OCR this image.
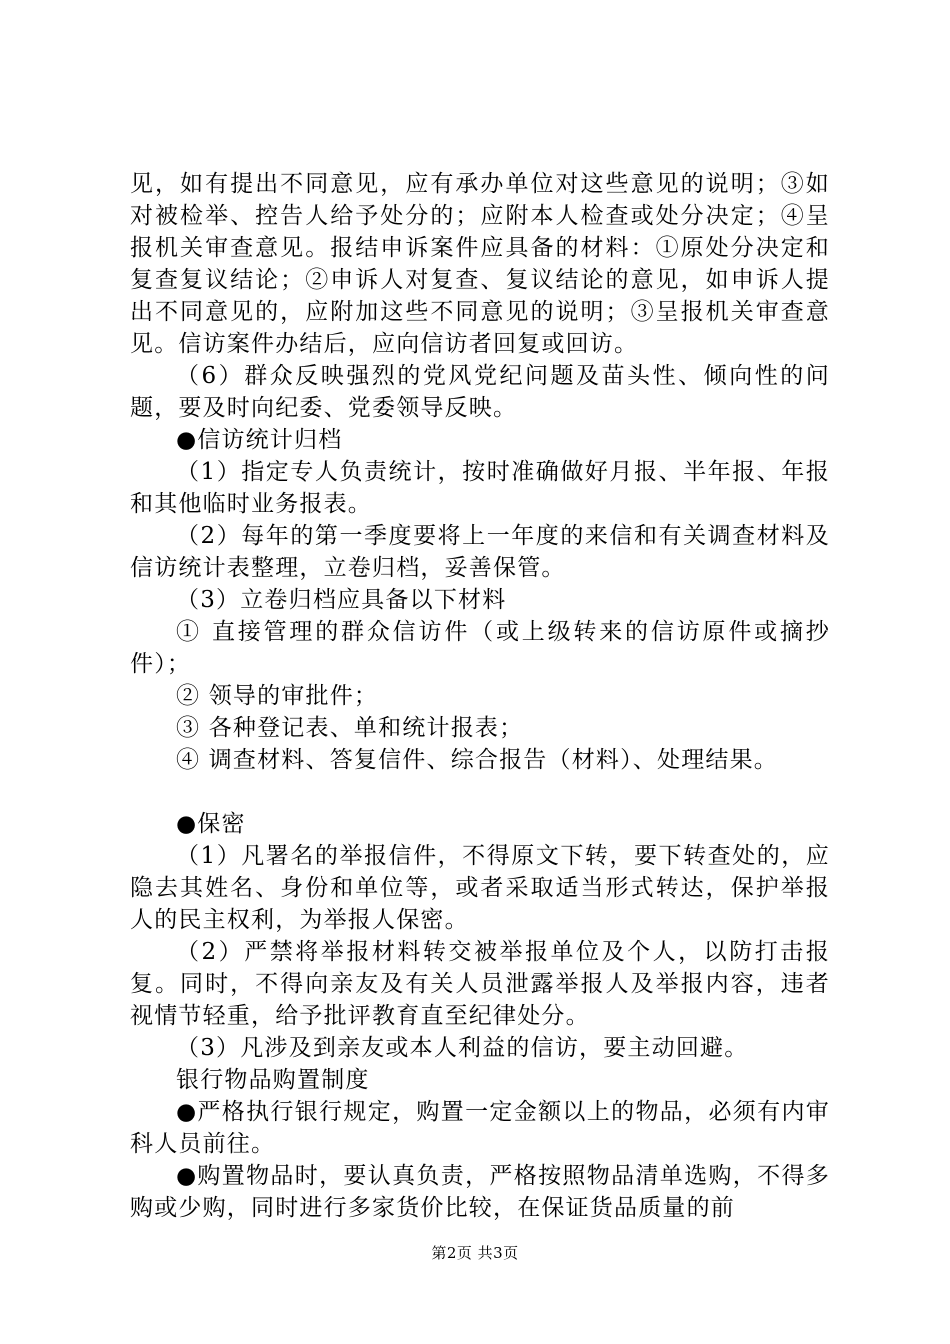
见，如有提出不同意见，应有承办单位对这些意见的说明；③如对被检举、控告人给予处分的；应附本人检查或处分决定；④呈报机关审查意见。报结申诉案件应具备的材料：①原处分决定和复查复议结论；②申诉人对复查、复议结论的意见，如申诉人提出不同意见的，应附加这些不同意见的说明；③呈报机关审查意见。信访案件办结后，应向信访者回复或回访。

（6）群众反映强烈的党风党纪问题及苗头性、倾向性的问题，要及时向纪委、党委领导反映。

●信访统计归档

（1）指定专人负责统计，按时准确做好月报、半年报、年报和其他临时业务报表。

（2）每年的第一季度要将上一年度的来信和有关调查材料及信访统计表整理，立卷归档，妥善保管。

（3）立卷归档应具备以下材料

① 直接管理的群众信访件（或上级转来的信访原件或摘抄件）；

② 领导的审批件；

③ 各种登记表、单和统计报表；

④ 调查材料、答复信件、综合报告（材料）、处理结果。

●保密

（1）凡署名的举报信件，不得原文下转，要下转查处的，应隐去其姓名、身份和单位等，或者采取适当形式转达，保护举报人的民主权利，为举报人保密。

（2）严禁将举报材料转交被举报单位及个人，以防打击报复。同时，不得向亲友及有关人员泄露举报人及举报内容，违者视情节轻重，给予批评教育直至纪律处分。

（3）凡涉及到亲友或本人利益的信访，要主动回避。

银行物品购置制度

●严格执行银行规定，购置一定金额以上的物品，必须有内审科人员前往。

●购置物品时，要认真负责，严格按照物品清单选购，不得多购或少购，同时进行多家货价比较，在保证货品质量的前

第2页 共3页
